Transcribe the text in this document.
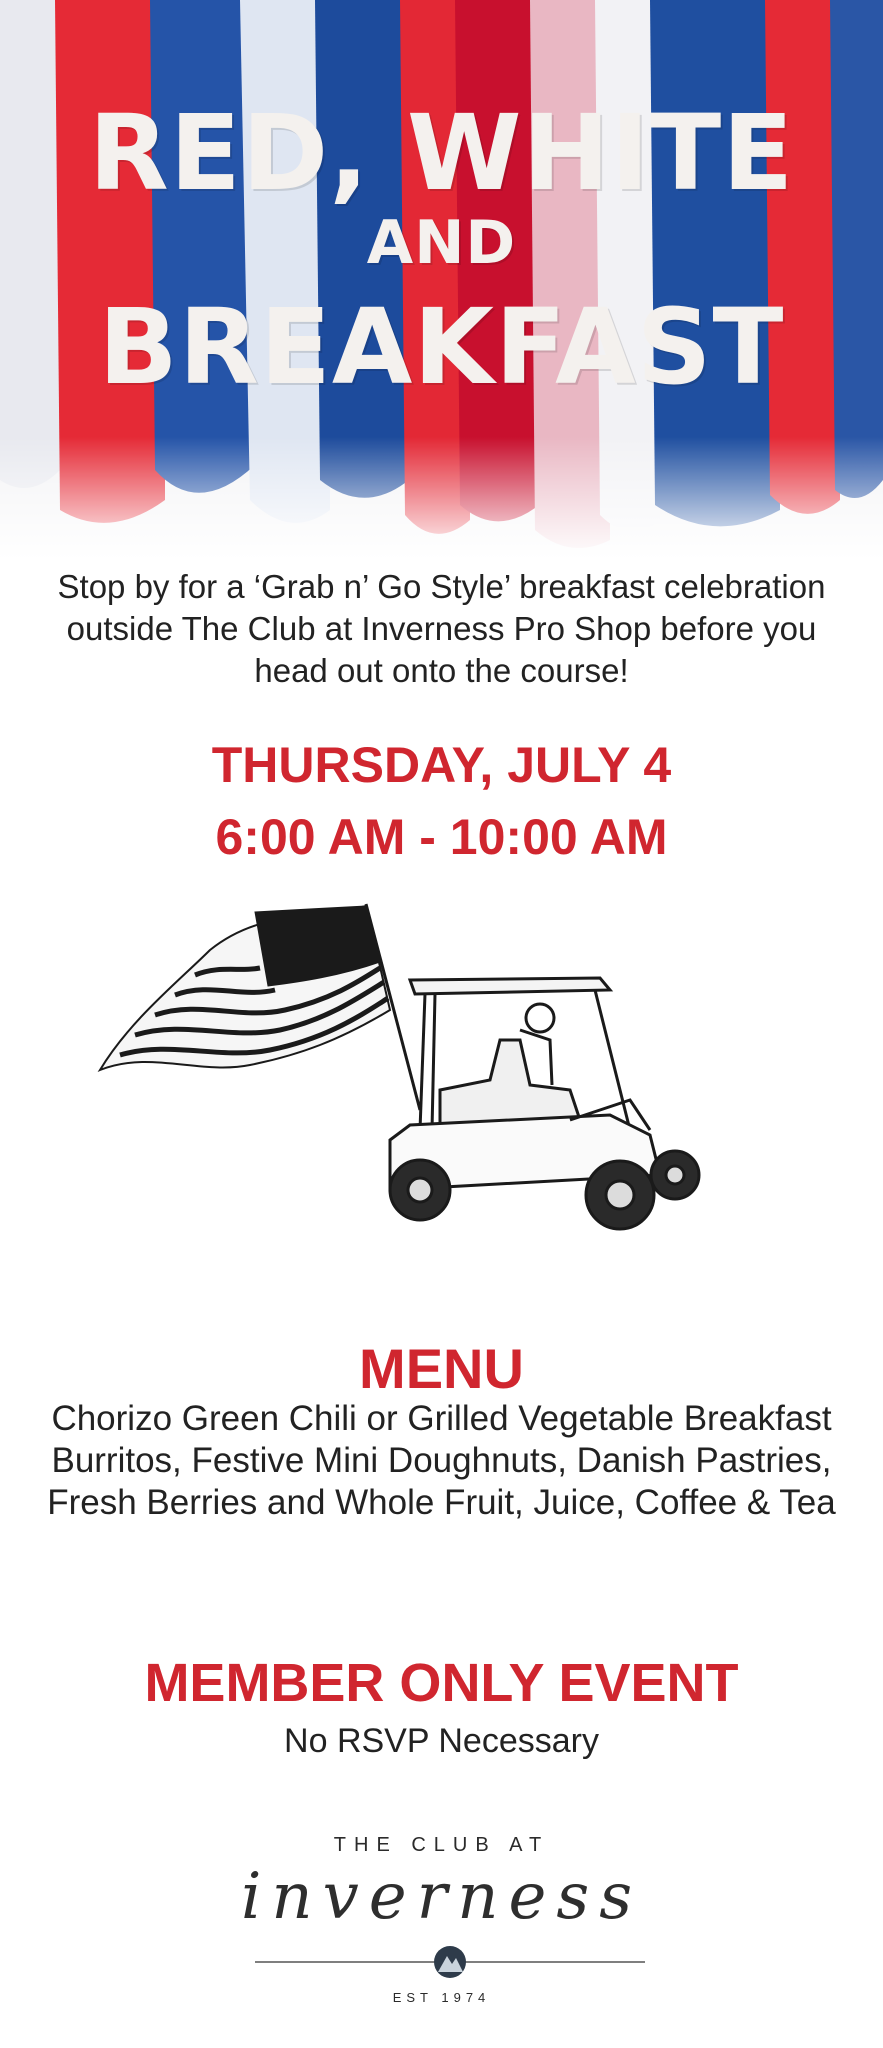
RED, WHITE
AND
BREAKFAST
Stop by for a ‘Grab n’ Go Style’ breakfast celebration outside The Club at Inverness Pro Shop before you head out onto the course!
THURSDAY, JULY 4
6:00 AM - 10:00 AM
MENU
Chorizo Green Chili or Grilled Vegetable Breakfast Burritos, Festive Mini Doughnuts, Danish Pastries, Fresh Berries and Whole Fruit, Juice, Coffee & Tea
MEMBER ONLY EVENT
No RSVP Necessary
THE CLUB AT
inverness
EST 1974
